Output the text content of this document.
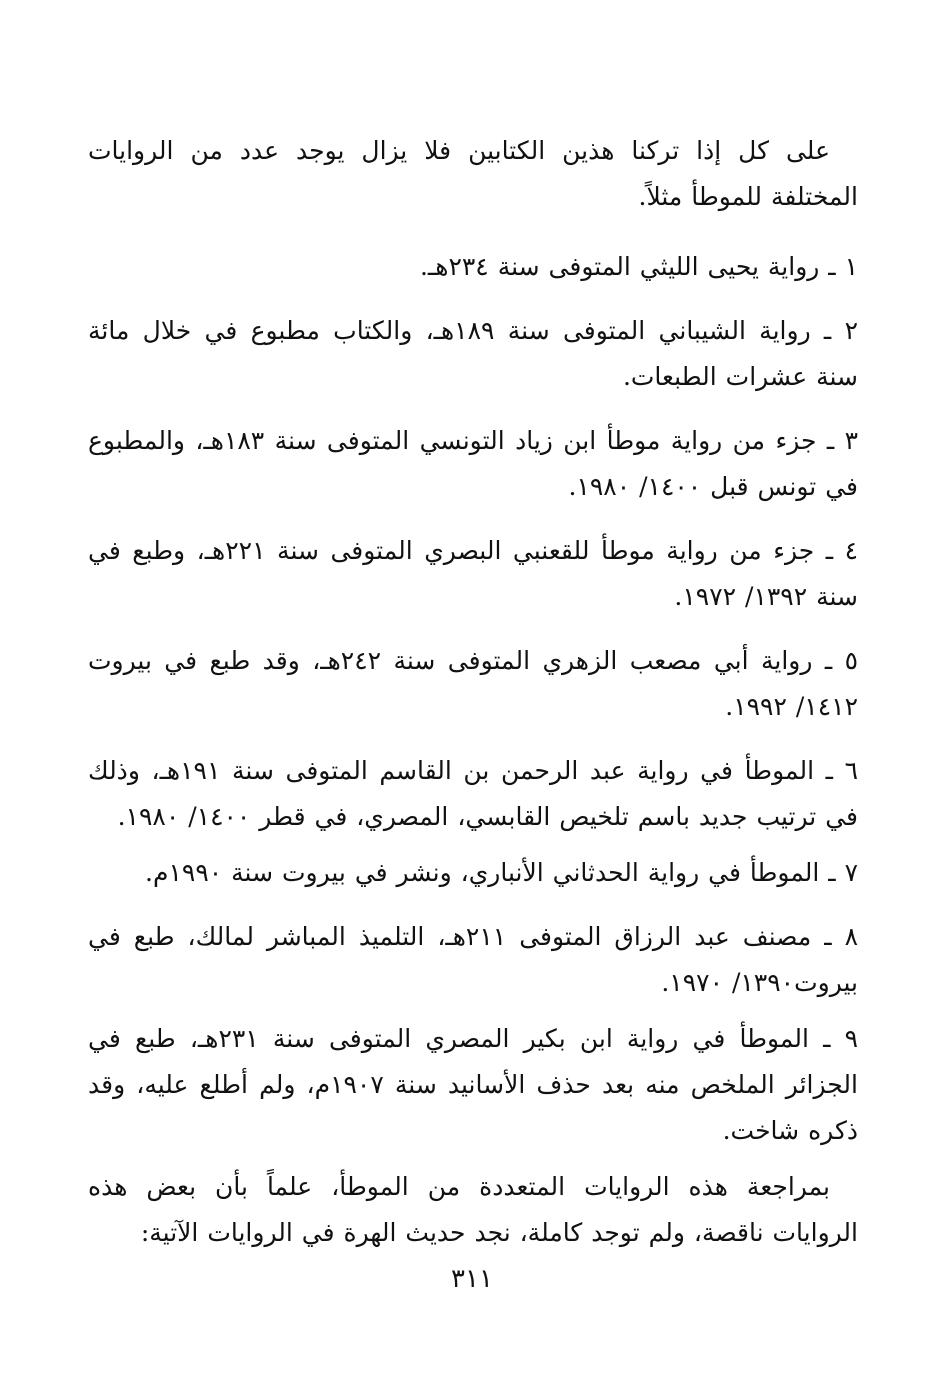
على كل إذا تركنا هذين الكتابين فلا يزال يوجد عدد من الروايات المختلفة للموطأ مثلاً.

١ ـ رواية يحيى الليثي المتوفى سنة ٢٣٤هـ.

٢ ـ رواية الشيباني المتوفى سنة ١٨٩هـ، والكتاب مطبوع في خلال مائة سنة عشرات الطبعات.

٣ ـ جزء من رواية موطأ ابن زياد التونسي المتوفى سنة ١٨٣هـ، والمطبوع في تونس قبل ١٤٠٠/ ١٩٨٠.

٤ ـ جزء من رواية موطأ للقعنبي البصري المتوفى سنة ٢٢١هـ، وطبع في سنة ١٣٩٢/ ١٩٧٢.

٥ ـ رواية أبي مصعب الزهري المتوفى سنة ٢٤٢هـ، وقد طبع في بيروت ١٤١٢/ ١٩٩٢.

٦ ـ الموطأ في رواية عبد الرحمن بن القاسم المتوفى سنة ١٩١هـ، وذلك في ترتيب جديد باسم تلخيص القابسي، المصري، في قطر ١٤٠٠/ ١٩٨٠.

٧ ـ الموطأ في رواية الحدثاني الأنباري، ونشر في بيروت سنة ١٩٩٠م.

٨ ـ مصنف عبد الرزاق المتوفى ٢١١هـ، التلميذ المباشر لمالك، طبع في بيروت١٣٩٠/ ١٩٧٠.

٩ ـ الموطأ في رواية ابن بكير المصري المتوفى سنة ٢٣١هـ، طبع في الجزائر الملخص منه بعد حذف الأسانيد سنة ١٩٠٧م، ولم أطلع عليه، وقد ذكره شاخت.

بمراجعة هذه الروايات المتعددة من الموطأ، علماً بأن بعض هذه الروايات ناقصة، ولم توجد كاملة، نجد حديث الهرة في الروايات الآتية:

٣١١
